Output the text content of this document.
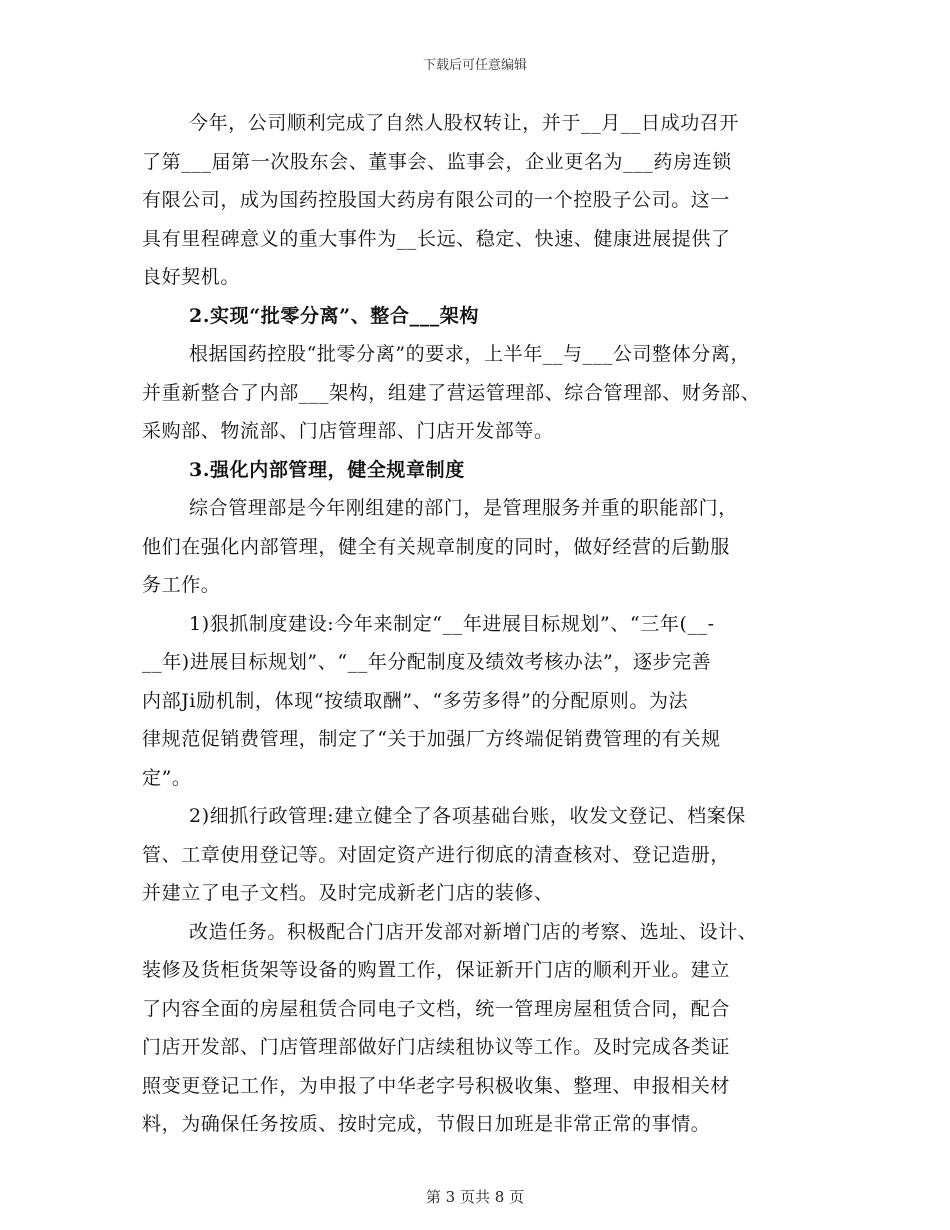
下载后可任意编辑
今年，公司顺利完成了自然人股权转让，并于__月__日成功召开
了第___届第一次股东会、董事会、监事会，企业更名为___药房连锁
有限公司，成为国药控股国大药房有限公司的一个控股子公司。这一
具有里程碑意义的重大事件为__长远、稳定、快速、健康进展提供了
良好契机。
2.实现“批零分离”、整合___架构
根据国药控股“批零分离”的要求，上半年__与___公司整体分离，
并重新整合了内部___架构，组建了营运管理部、综合管理部、财务部、
采购部、物流部、门店管理部、门店开发部等。
3.强化内部管理，健全规章制度
综合管理部是今年刚组建的部门，是管理服务并重的职能部门，
他们在强化内部管理，健全有关规章制度的同时，做好经营的后勤服
务工作。
1)狠抓制度建设:今年来制定“__年进展目标规划”、“三年(__-
__年)进展目标规划”、“__年分配制度及绩效考核办法”，逐步完善
内部Ji励机制，体现“按绩取酬”、“多劳多得”的分配原则。为法
律规范促销费管理，制定了“关于加强厂方终端促销费管理的有关规
定”。
2)细抓行政管理:建立健全了各项基础台账，收发文登记、档案保
管、工章使用登记等。对固定资产进行彻底的清查核对、登记造册，
并建立了电子文档。及时完成新老门店的装修、
改造任务。积极配合门店开发部对新增门店的考察、选址、设计、
装修及货柜货架等设备的购置工作，保证新开门店的顺利开业。建立
了内容全面的房屋租赁合同电子文档，统一管理房屋租赁合同，配合
门店开发部、门店管理部做好门店续租协议等工作。及时完成各类证
照变更登记工作，为申报了中华老字号积极收集、整理、申报相关材
料，为确保任务按质、按时完成，节假日加班是非常正常的事情。
第 3 页共 8 页
